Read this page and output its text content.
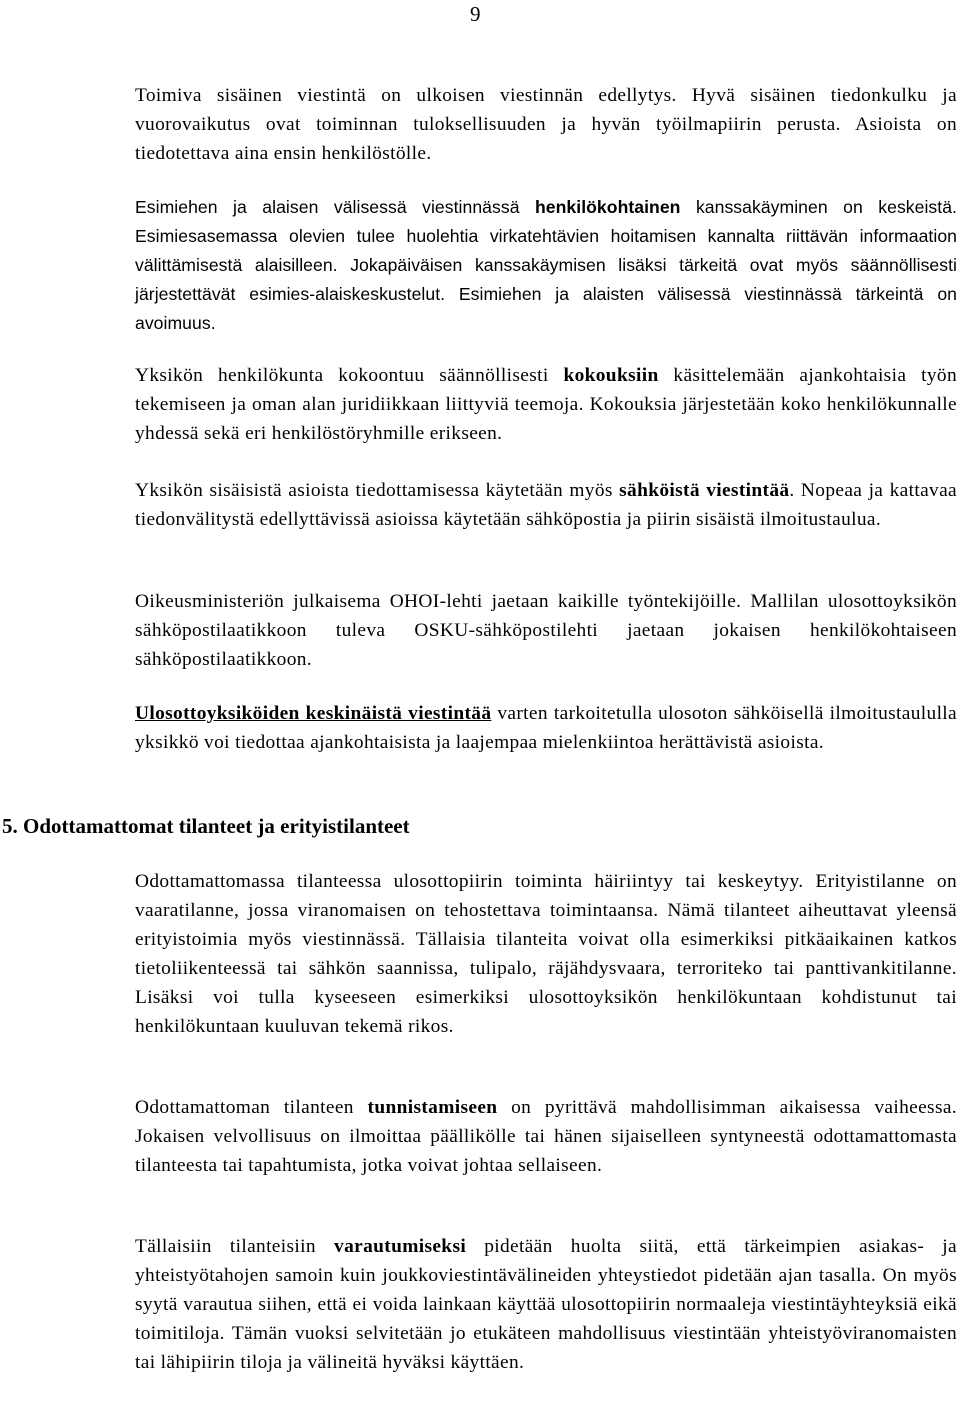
9

Toimiva sisäinen viestintä on ulkoisen viestinnän edellytys. Hyvä sisäinen tiedonkulku ja vuorovaikutus ovat toiminnan tuloksellisuuden ja hyvän työilmapiirin perusta. Asioista on tiedotettava aina ensin henkilöstölle.

Esimiehen ja alaisen välisessä viestinnässä henkilökohtainen kanssakäyminen on keskeistä. Esimiesasemassa olevien tulee huolehtia virkatehtävien hoitamisen kannalta riittävän informaation välittämisestä alaisilleen. Jokapäiväisen kanssakäymisen lisäksi tärkeitä ovat myös säännöllisesti järjestettävät esimies-alaiskeskustelut. Esimiehen ja alaisten välisessä viestinnässä tärkeintä on avoimuus.

Yksikön henkilökunta kokoontuu säännöllisesti kokouksiin käsittelemään ajankohtaisia työn tekemiseen ja oman alan juridiikkaan liittyviä teemoja. Kokouksia järjestetään koko henkilökunnalle yhdessä sekä eri henkilöstöryhmille erikseen.

Yksikön sisäisistä asioista tiedottamisessa käytetään myös sähköistä viestintää. Nopeaa ja kattavaa tiedonvälitystä edellyttävissä asioissa käytetään sähköpostia ja piirin sisäistä ilmoitustaulua.

Oikeusministeriön julkaisema OHOI-lehti jaetaan kaikille työntekijöille. Mallilan ulosottoyksikön sähköpostilaatikkoon tuleva OSKU-sähköpostilehti jaetaan jokaisen henkilökohtaiseen sähköpostilaatikkoon.

Ulosottoyksiköiden keskinäistä viestintää varten tarkoitetulla ulosoton sähköisellä ilmoitustaululla yksikkö voi tiedottaa ajankohtaisista ja laajempaa mielenkiintoa herättävistä asioista.

5. Odottamattomat tilanteet ja erityistilanteet

Odottamattomassa tilanteessa ulosottopiirin toiminta häiriintyy tai keskeytyy. Erityistilanne on vaaratilanne, jossa viranomaisen on tehostettava toimintaansa. Nämä tilanteet aiheuttavat yleensä erityistoimia myös viestinnässä. Tällaisia tilanteita voivat olla esimerkiksi pitkäaikainen katkos tietoliikenteessä tai sähkön saannissa, tulipalo, räjähdysvaara, terroriteko tai panttivankitilanne. Lisäksi voi tulla kyseeseen esimerkiksi ulosottoyksikön henkilökuntaan kohdistunut tai henkilökuntaan kuuluvan tekemä rikos.

Odottamattoman tilanteen tunnistamiseen on pyrittävä mahdollisimman aikaisessa vaiheessa. Jokaisen velvollisuus on ilmoittaa päällikölle tai hänen sijaiselleen syntyneestä odottamattomasta tilanteesta tai tapahtumista, jotka voivat johtaa sellaiseen.

Tällaisiin tilanteisiin varautumiseksi pidetään huolta siitä, että tärkeimpien asiakas- ja yhteistyötahojen samoin kuin joukkoviestintävälineiden yhteystiedot pidetään ajan tasalla. On myös syytä varautua siihen, että ei voida lainkaan käyttää ulosottopiirin normaaleja viestintäyhteyksiä eikä toimitiloja. Tämän vuoksi selvitetään jo etukäteen mahdollisuus viestintään yhteistyöviranomaisten tai lähipiirin tiloja ja välineitä hyväksi käyttäen.
